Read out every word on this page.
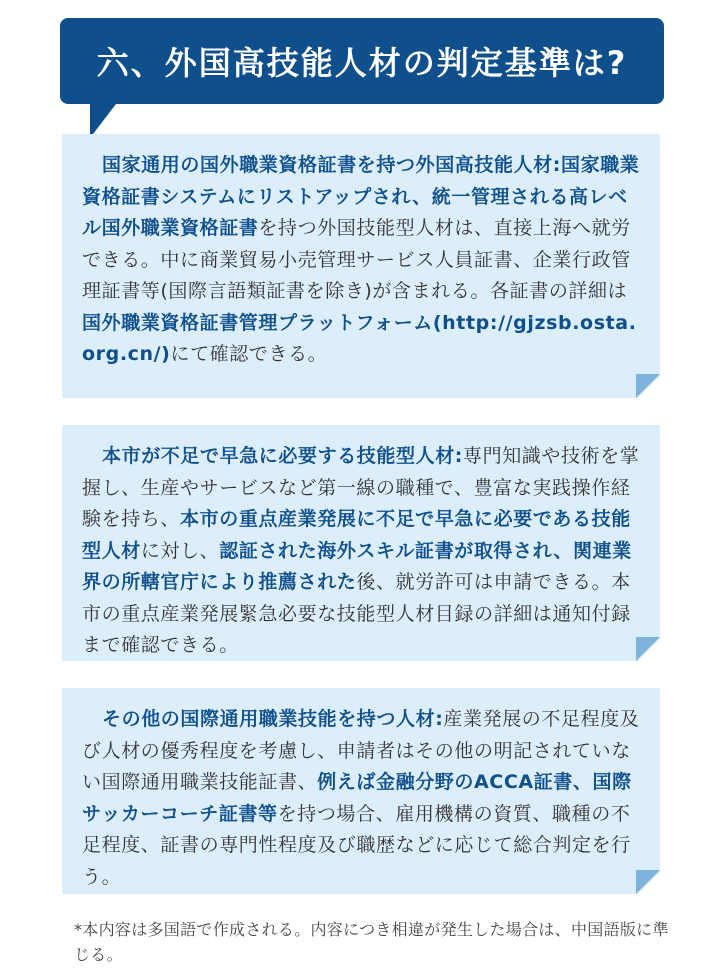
六、外国高技能人材の判定基準は?

国家通用の国外職業資格証書を持つ外国高技能人材:国家職業資格証書システムにリストアップされ、統一管理される高レベル国外職業資格証書を持つ外国技能型人材は、直接上海へ就労できる。中に商業貿易小売管理サービス人員証書、企業行政管理証書等(国際言語類証書を除き)が含まれる。各証書の詳細は国外職業資格証書管理プラットフォーム(http://gjzsb.osta.org.cn/)にて確認できる。

本市が不足で早急に必要する技能型人材:専門知識や技術を掌握し、生産やサービスなど第一線の職種で、豊富な実践操作経験を持ち、本市の重点産業発展に不足で早急に必要である技能型人材に対し、認証された海外スキル証書が取得され、関連業界の所轄官庁により推薦された後、就労許可は申請できる。本市の重点産業発展緊急必要な技能型人材目録の詳細は通知付録まで確認できる。

その他の国際通用職業技能を持つ人材:産業発展の不足程度及び人材の優秀程度を考慮し、申請者はその他の明記されていない国際通用職業技能証書、例えば金融分野のACCA証書、国際サッカーコーチ証書等を持つ場合、雇用機構の資質、職種の不足程度、証書の専門性程度及び職歴などに応じて総合判定を行う。

*本内容は多国語で作成される。内容につき相違が発生した場合は、中国語版に準じる。
